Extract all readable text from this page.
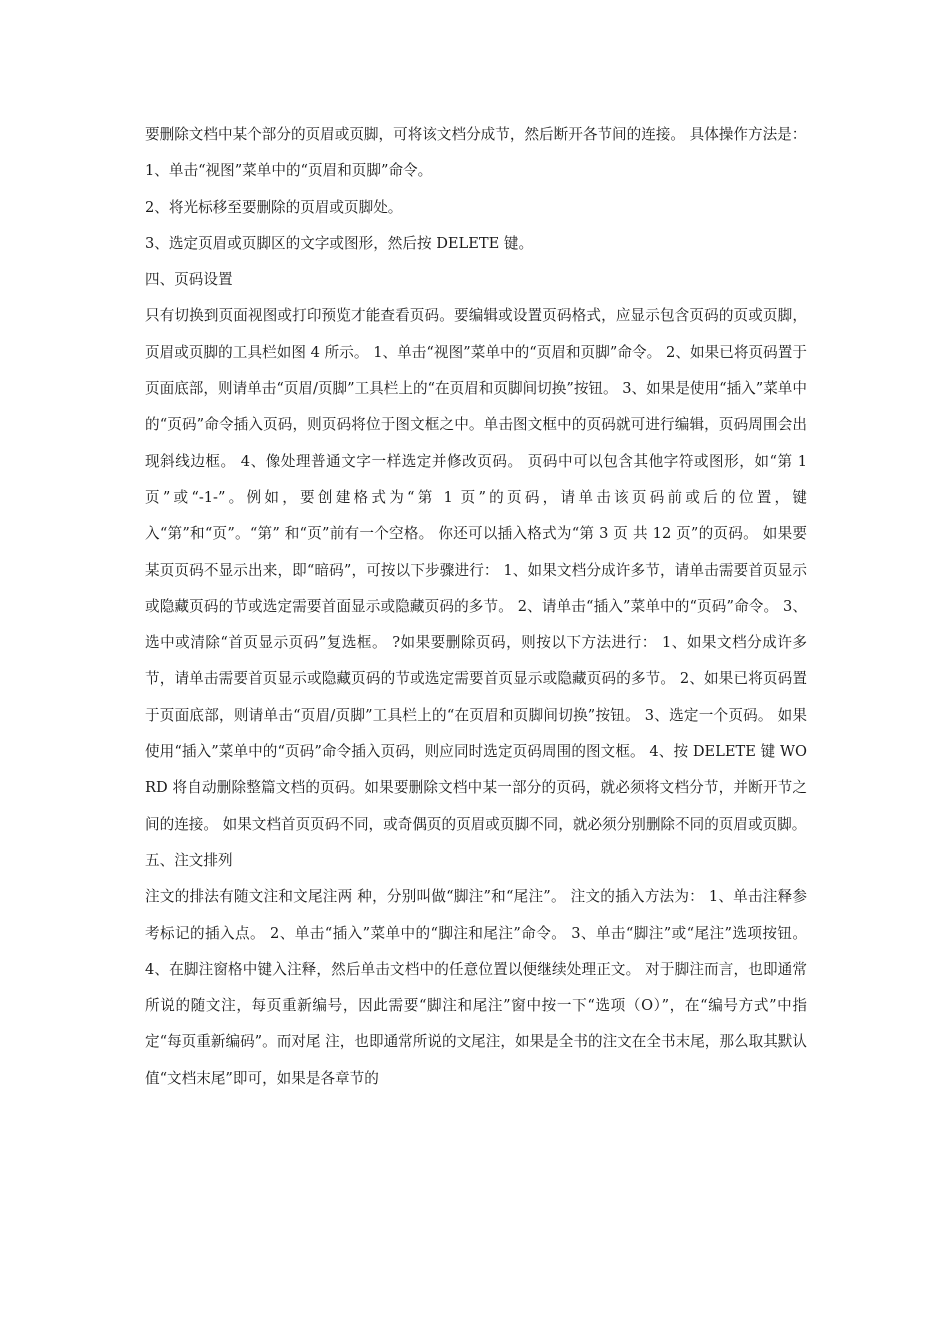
要删除文档中某个部分的页眉或页脚，可将该文档分成节，然后断开各节间的连接。 具体操作方法是：

1、单击“视图”菜单中的“页眉和页脚”命令。

2、将光标移至要删除的页眉或页脚处。

3、选定页眉或页脚区的文字或图形，然后按 DELETE 键。

四、页码设置

只有切换到页面视图或打印预览才能查看页码。要编辑或设置页码格式，应显示包含页码的页或页脚，页眉或页脚的工具栏如图 4 所示。 1、单击“视图”菜单中的“页眉和页脚”命令。 2、如果已将页码置于页面底部，则请单击“页眉/页脚”工具栏上的“在页眉和页脚间切换”按钮。 3、如果是使用“插入”菜单中的“页码”命令插入页码，则页码将位于图文框之中。单击图文框中的页码就可进行编辑，页码周围会出现斜线边框。 4、像处理普通文字一样选定并修改页码。 页码中可以包含其他字符或图形，如“第 1 页”或“-1-”。例如，要创建格式为“第 1 页”的页码，请单击该页码前或后的位置，键入“第”和“页”。“第” 和“页”前有一个空格。 你还可以插入格式为“第 3 页 共 12 页”的页码。 如果要某页页码不显示出来，即“暗码”，可按以下步骤进行： 1、如果文档分成许多节，请单击需要首页显示或隐藏页码的节或选定需要首面显示或隐藏页码的多节。 2、请单击“插入”菜单中的“页码”命令。 3、选中或清除“首页显示页码”复选框。 ?如果要删除页码，则按以下方法进行： 1、如果文档分成许多节，请单击需要首页显示或隐藏页码的节或选定需要首页显示或隐藏页码的多节。 2、如果已将页码置于页面底部，则请单击“页眉/页脚”工具栏上的“在页眉和页脚间切换”按钮。 3、选定一个页码。 如果使用“插入”菜单中的“页码”命令插入页码，则应同时选定页码周围的图文框。 4、按 DELETE 键 WORD 将自动删除整篇文档的页码。如果要删除文档中某一部分的页码，就必须将文档分节，并断开节之间的连接。 如果文档首页页码不同，或奇偶页的页眉或页脚不同，就必须分别删除不同的页眉或页脚。

五、注文排列

注文的排法有随文注和文尾注两 种，分别叫做“脚注”和“尾注”。 注文的插入方法为： 1、单击注释参考标记的插入点。 2、单击“插入”菜单中的“脚注和尾注”命令。 3、单击“脚注”或“尾注”选项按钮。 4、在脚注窗格中键入注释，然后单击文档中的任意位置以便继续处理正文。 对于脚注而言，也即通常所说的随文注，每页重新编号，因此需要“脚注和尾注”窗中按一下“选项（O）”，在“编号方式”中指定“每页重新编码”。而对尾 注，也即通常所说的文尾注，如果是全书的注文在全书末尾，那么取其默认值“文档末尾”即可，如果是各章节的
